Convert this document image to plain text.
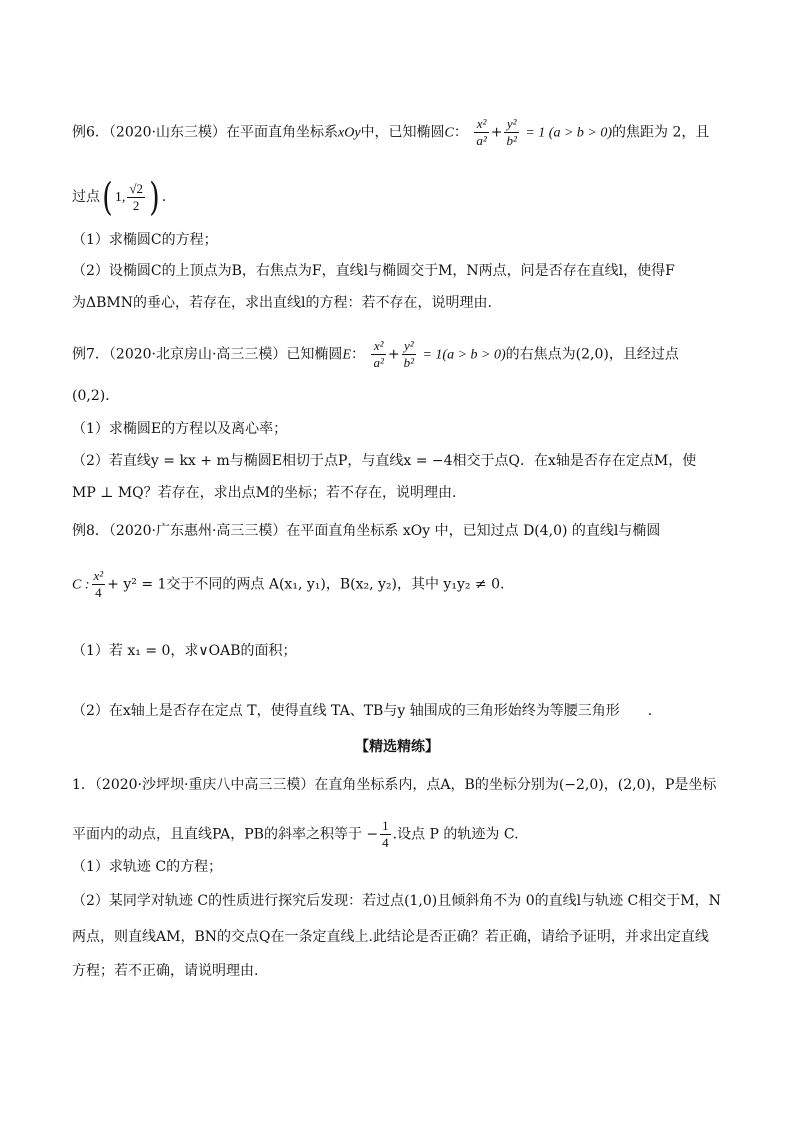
例6．（2020·山东三模）在平面直角坐标系xOy中，已知椭圆C： $\frac{\text{x²}}{\text{a²}} + \frac{\text{y²}}{\text{b²}} = 1$ (a > b > 0)的焦距为 2，且
过点( 1, $\frac{√2}{2}$ ) .
（1）求椭圆C的方程；
（2）设椭圆C的上顶点为B，右焦点为F，直线l与椭圆交于M，N两点，问是否存在直线l，使得F
为ΔBMN的垂心，若存在，求出直线l的方程：若不存在，说明理由.
例7．（2020·北京房山·高三三模）已知椭圆E： $\frac{\text{x²}}{\text{a²}} + \frac{\text{y²}}{\text{b²}} = 1(a > b > 0)$的右焦点为(2,0)，且经过点
(0,2)．
（1）求椭圆E的方程以及离心率；
（2）若直线y = kx + m与椭圆E相切于点P，与直线x = −4相交于点Q．在x轴是否存在定点M，使
MP ⊥ MQ？若存在，求出点M的坐标；若不存在，说明理由．
例8．（2020·广东惠州·高三三模）在平面直角坐标系 xOy 中，已知过点 D(4,0) 的直线l与椭圆
C : $\frac{\text{x²}}{4} + y^2 = 1$交于不同的两点 A(x₁, y₁)，B(x₂, y₂)，其中 y₁y₂ ≠ 0.
（1）若 x₁ = 0，求∨OAB的面积；
（2）在x轴上是否存在定点 T，使得直线 TA、TB与y 轴围成的三角形始终为等腰三角形　　.
【精选精练】
1．（2020·沙坪坝·重庆八中高三三模）在直角坐标系内，点A，B的坐标分别为(−2,0)，(2,0)，P是坐标
平面内的动点，且直线PA，PB的斜率之积等于 − $\frac{1}{4}$ .设点 P 的轨迹为 C.
（1）求轨迹 C的方程；
（2）某同学对轨迹 C的性质进行探究后发现：若过点(1,0)且倾斜角不为 0的直线l与轨迹 C相交于M，N
两点，则直线AM，BN的交点Q在一条定直线上.此结论是否正确？若正确，请给予证明，并求出定直线
方程；若不正确，请说明理由.
